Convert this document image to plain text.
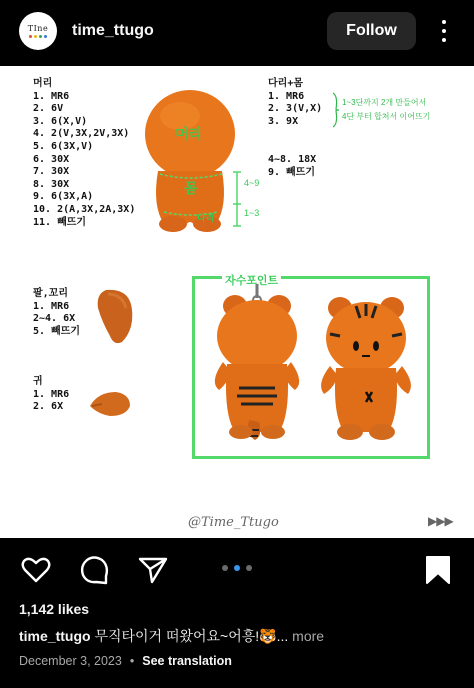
TIne time_ttugo	Follow
머리
1. MR6
2. 6V
3. 6(X,V)
4. 2(V,3X,2V,3X)
5. 6(3X,V)
6. 30X
7. 30X
8. 30X
9. 6(3X,A)
10. 2(A,3X,2A,3X)
11. 빼뜨기
머리
몸
다리
4~9
1~3
다리+몸
1. MR6
2. 3(V,X)
3. 9X
1~3단까지 2개 만들어서
4단 부터 합쳐서 이어뜨기
4~8. 18X
9. 빼뜨기
팔,꼬리
1. MR6
2~4. 6X
5. 빼뜨기
귀
1. MR6
2. 6X
자수포인트
@Time_Ttugo	▶▶▶
1,142 likes
time_ttugo 무직타이거 떠왔어요~어흥!🐯... more
December 3, 2023 • See translation
